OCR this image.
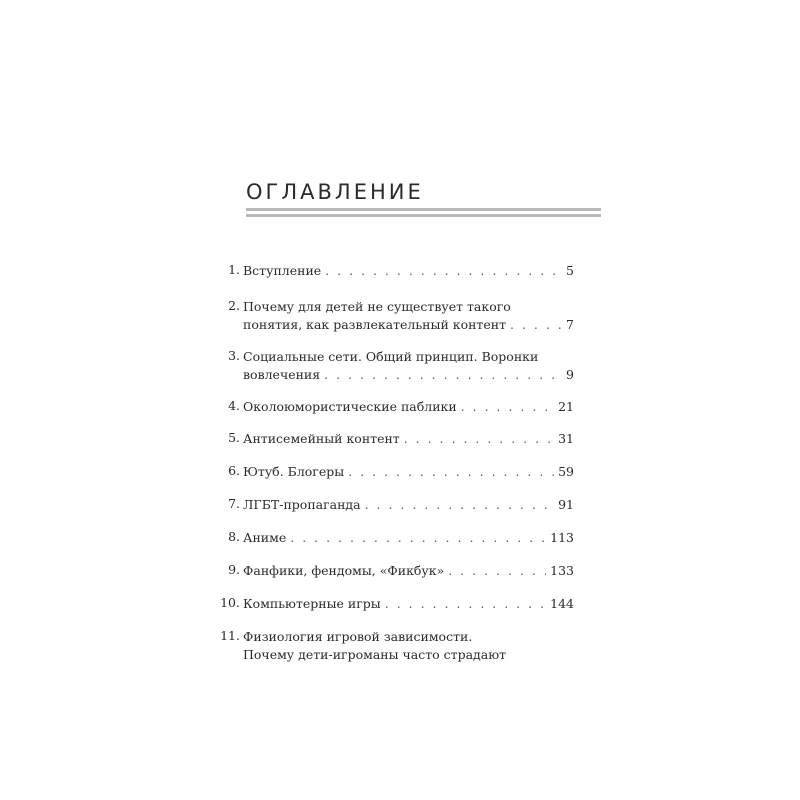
ОГЛАВЛЕНИЕ
1. Вступление . . .	5
2. Почему для детей не существует такого
понятия, как развлекательный контент . . .	7
3. Социальные сети. Общий принцип. Воронки
вовлечения . . .	9
4. Околоюмористические паблики . . .	21
5. Антисемейный контент . . .	31
6. Ютуб. Блогеры . . .	59
7. ЛГБТ-пропаганда . . .	91
8. Аниме . . .	113
9. Фанфики, фендомы, «Фикбук» . . .	133
10. Компьютерные игры . . .	144
11. Физиология игровой зависимости.
Почему дети-игроманы часто страдают
